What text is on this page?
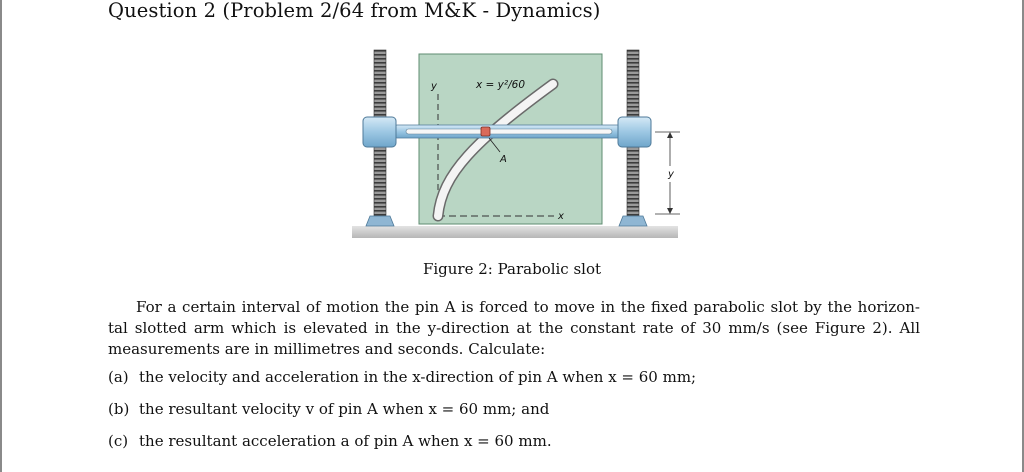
Question 2 (Problem 2/64 from M&K - Dynamics)
x = y²/60
y
x
A
y
Figure 2: Parabolic slot
For a certain interval of motion the pin A is forced to move in the fixed parabolic slot by the horizon-
tal slotted arm which is elevated in the y-direction at the constant rate of 30 mm/s (see Figure 2). All
measurements are in millimetres and seconds. Calculate:
(a) the velocity and acceleration in the x-direction of pin A when x = 60 mm;
(b) the resultant velocity v of pin A when x = 60 mm; and
(c) the resultant acceleration a of pin A when x = 60 mm.
